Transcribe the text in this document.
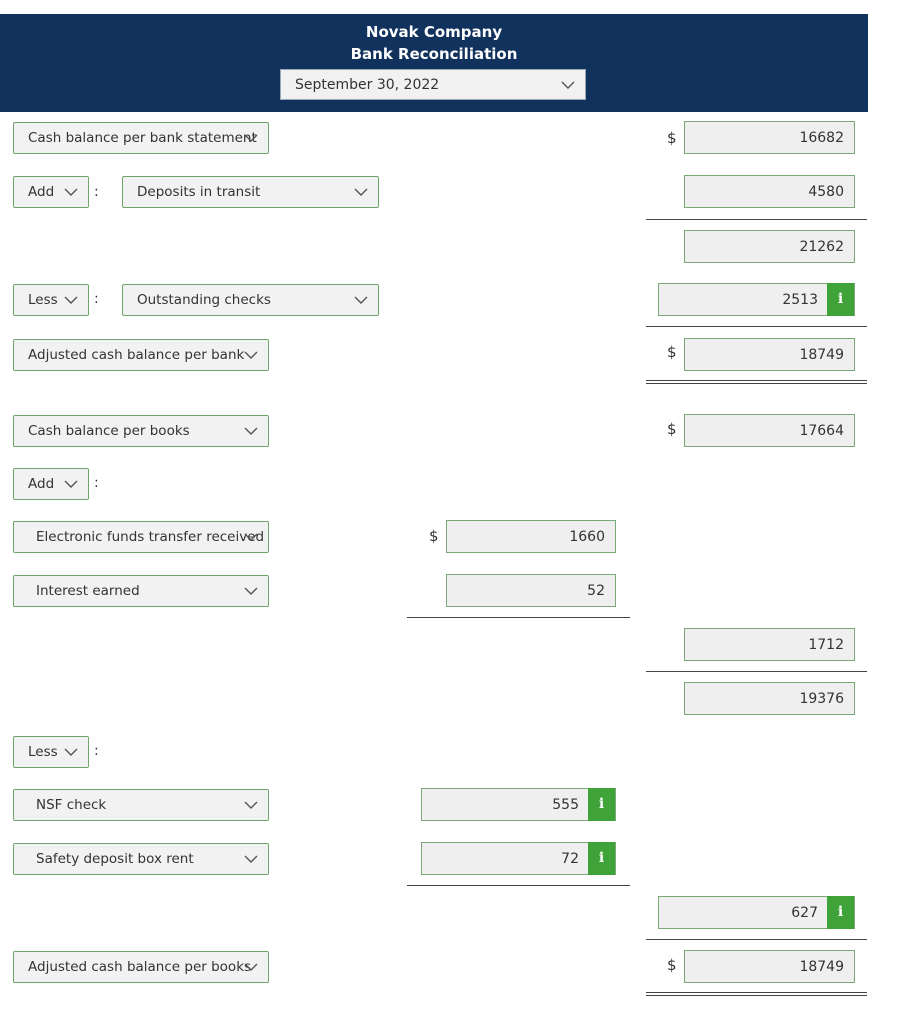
Novak Company
Bank Reconciliation
September 30, 2022
Cash balance per bank statement	$	16682
Add	:	Deposits in transit	4580
21262
Less	:	Outstanding checks	2513	i
Adjusted cash balance per bank	$	18749
Cash balance per books	$	17664
Add	:
Electronic funds transfer received	$	1660
Interest earned	52
1712
19376
Less	:
NSF check	555	i
Safety deposit box rent	72	i
627	i
Adjusted cash balance per books	$	18749
